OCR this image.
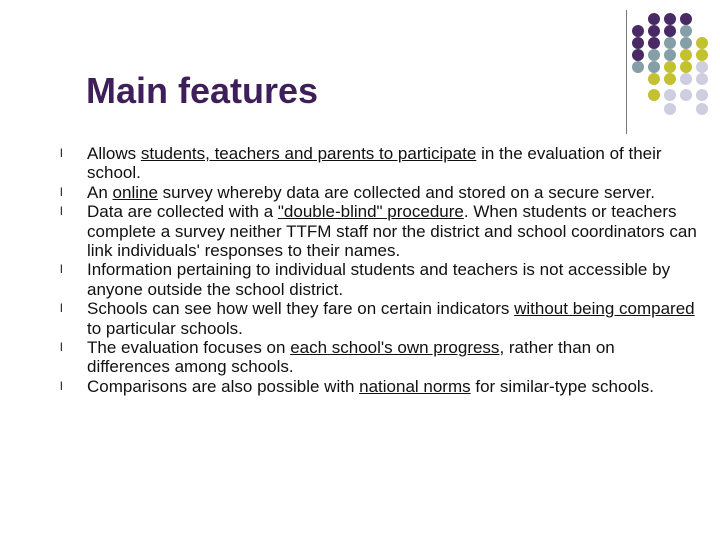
Main features
l Allows students, teachers and parents to participate in the evaluation of their school.
l An online survey whereby data are collected and stored on a secure server.
l Data are collected with a "double-blind" procedure. When students or teachers complete a survey neither TTFM staff nor the district and school coordinators can link individuals' responses to their names.
l Information pertaining to individual students and teachers is not accessible by anyone outside the school district.
l Schools can see how well they fare on certain indicators without being compared to particular schools.
l The evaluation focuses on each school's own progress, rather than on differences among schools.
l Comparisons are also possible with national norms for similar-type schools.
